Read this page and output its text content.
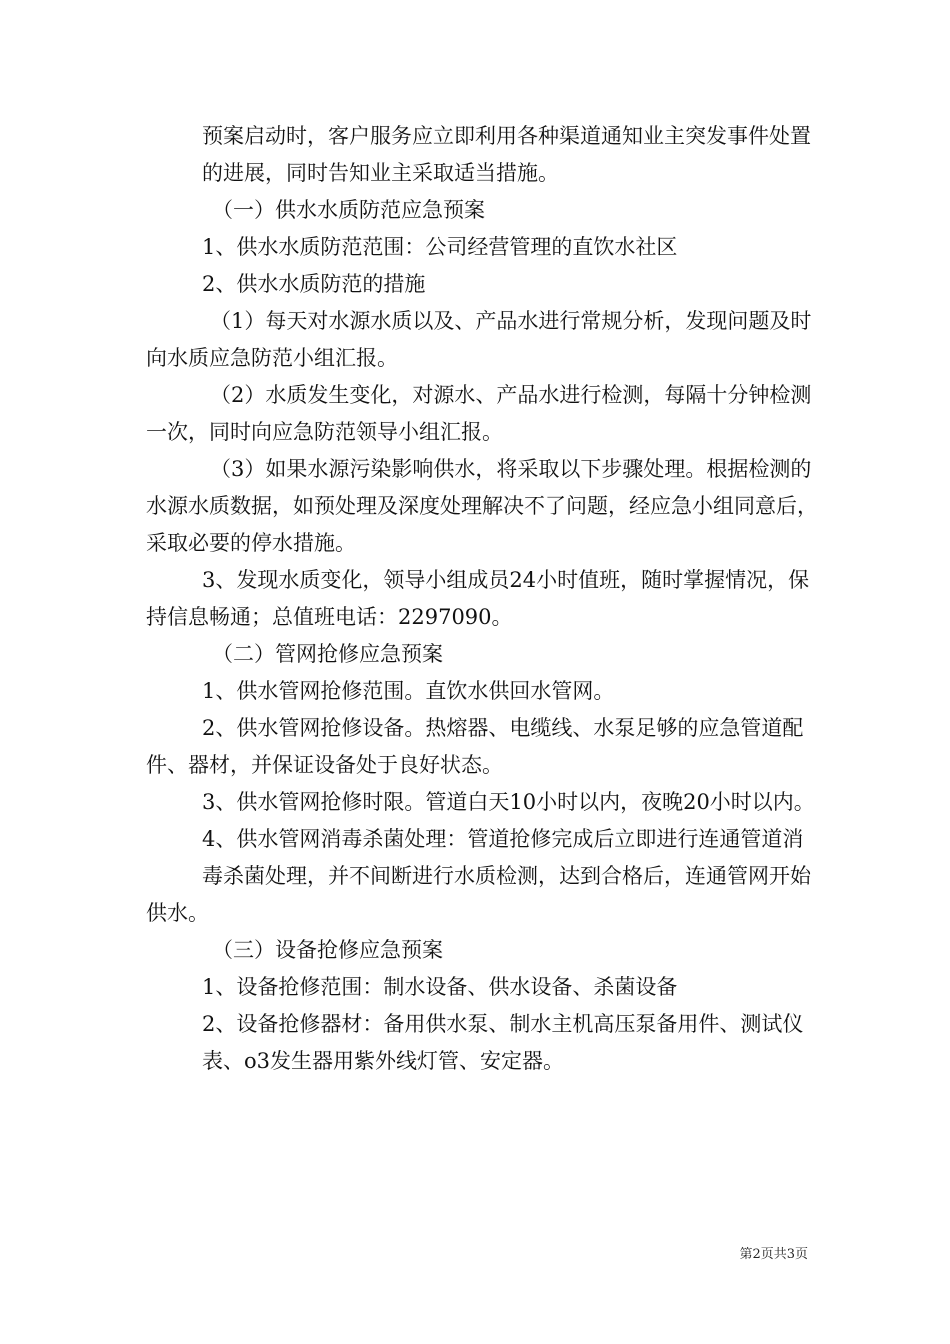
预案启动时，客户服务应立即利用各种渠道通知业主突发事件处置

的进展，同时告知业主采取适当措施。

（一）供水水质防范应急预案

1、供水水质防范范围：公司经营管理的直饮水社区

2、供水水质防范的措施

（1）每天对水源水质以及、产品水进行常规分析，发现问题及时向水质应急防范小组汇报。

（2）水质发生变化，对源水、产品水进行检测，每隔十分钟检测一次，同时向应急防范领导小组汇报。

（3）如果水源污染影响供水，将采取以下步骤处理。根据检测的水源水质数据，如预处理及深度处理解决不了问题，经应急小组同意后，采取必要的停水措施。

3、发现水质变化，领导小组成员24小时值班，随时掌握情况，保持信息畅通；总值班电话：2297090。

（二）管网抢修应急预案

1、供水管网抢修范围。直饮水供回水管网。

2、供水管网抢修设备。热熔器、电缆线、水泵足够的应急管道配件、器材，并保证设备处于良好状态。

3、供水管网抢修时限。管道白天10小时以内，夜晚20小时以内。

4、供水管网消毒杀菌处理：管道抢修完成后立即进行连通管道消

毒杀菌处理，并不间断进行水质检测，达到合格后，连通管网开始供水。

（三）设备抢修应急预案

1、设备抢修范围：制水设备、供水设备、杀菌设备

2、设备抢修器材：备用供水泵、制水主机高压泵备用件、测试仪

表、o3发生器用紫外线灯管、安定器。

第2页共3页
